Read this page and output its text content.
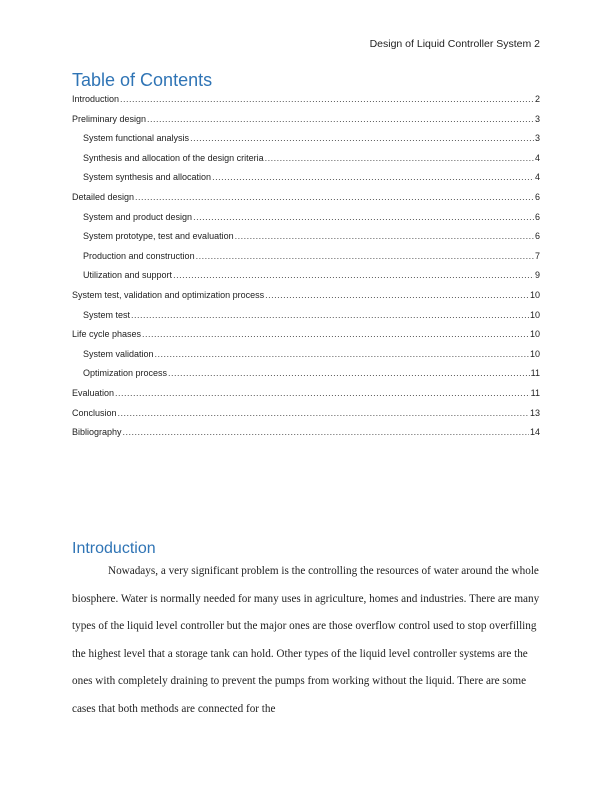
Design of Liquid Controller System 2
Table of Contents
Introduction .....	2
Preliminary design .....	3
System functional analysis .....	3
Synthesis and allocation of the design criteria .....	4
System synthesis and allocation .....	4
Detailed design .....	6
System and product design .....	6
System prototype, test and evaluation .....	6
Production and construction .....	7
Utilization and support .....	9
System test, validation and optimization process .....	10
System test .....	10
Life cycle phases .....	10
System validation .....	10
Optimization process .....	11
Evaluation .....	11
Conclusion .....	13
Bibliography .....	14
Introduction

Nowadays, a very significant problem is the controlling the resources of water around the whole biosphere. Water is normally needed for many uses in agriculture, homes and industries. There are many types of the liquid level controller but the major ones are those overflow control used to stop overfilling the highest level that a storage tank can hold. Other types of the liquid level controller systems are the ones with completely draining to prevent the pumps from working without the liquid. There are some cases that both methods are connected for the
